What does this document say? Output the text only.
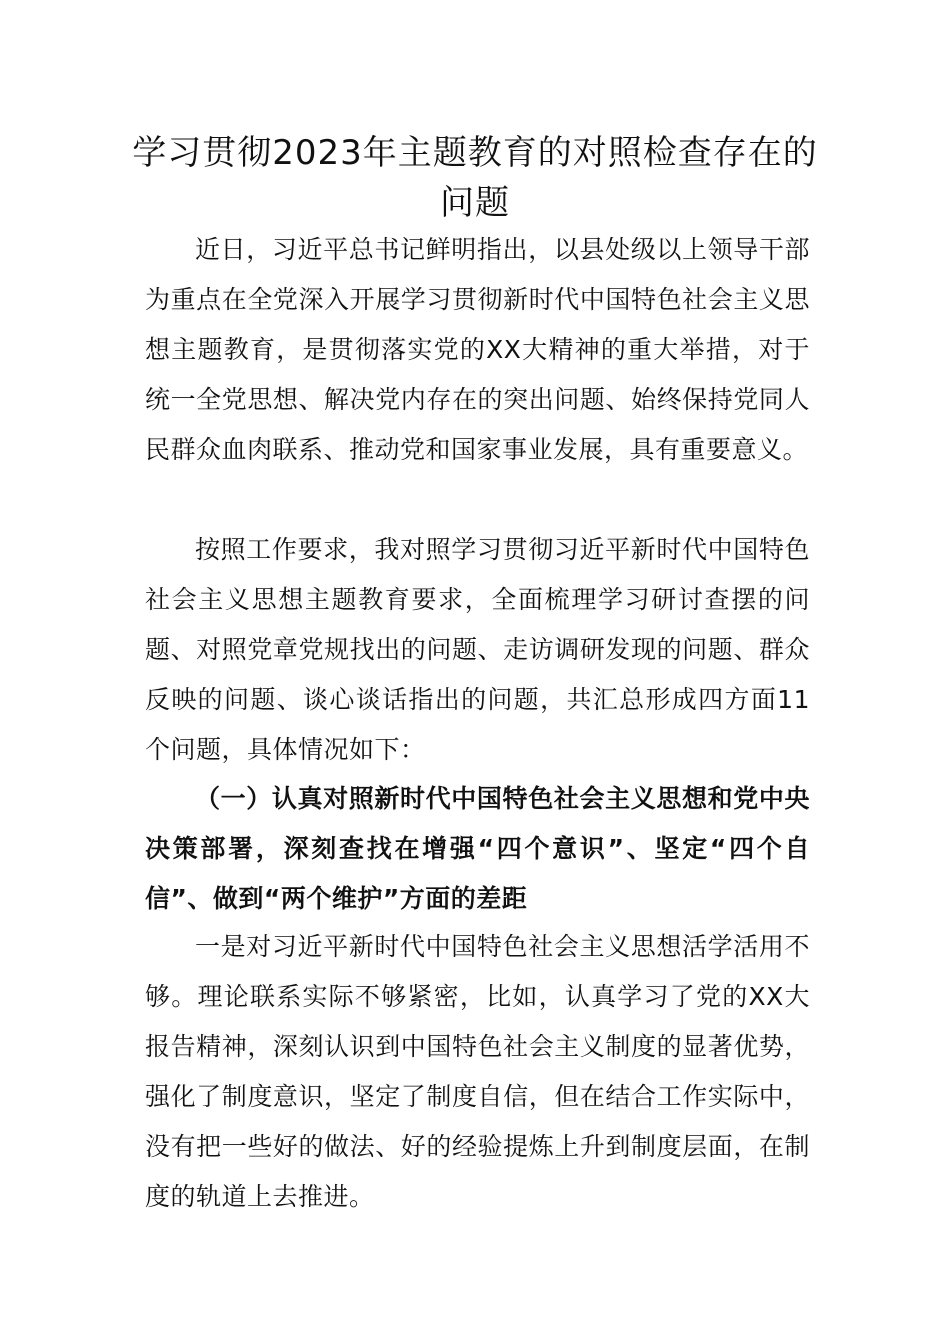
学习贯彻2023年主题教育的对照检查存在的问题

近日，习近平总书记鲜明指出，以县处级以上领导干部为重点在全党深入开展学习贯彻新时代中国特色社会主义思想主题教育，是贯彻落实党的XX大精神的重大举措，对于统一全党思想、解决党内存在的突出问题、始终保持党同人民群众血肉联系、推动党和国家事业发展，具有重要意义。

按照工作要求，我对照学习贯彻习近平新时代中国特色社会主义思想主题教育要求，全面梳理学习研讨查摆的问题、对照党章党规找出的问题、走访调研发现的问题、群众反映的问题、谈心谈话指出的问题，共汇总形成四方面11个问题，具体情况如下：

（一）认真对照新时代中国特色社会主义思想和党中央决策部署，深刻查找在增强“四个意识”、坚定“四个自信”、做到“两个维护”方面的差距

一是对习近平新时代中国特色社会主义思想活学活用不够。理论联系实际不够紧密，比如，认真学习了党的XX大报告精神，深刻认识到中国特色社会主义制度的显著优势，强化了制度意识，坚定了制度自信，但在结合工作实际中，没有把一些好的做法、好的经验提炼上升到制度层面，在制度的轨道上去推进。
